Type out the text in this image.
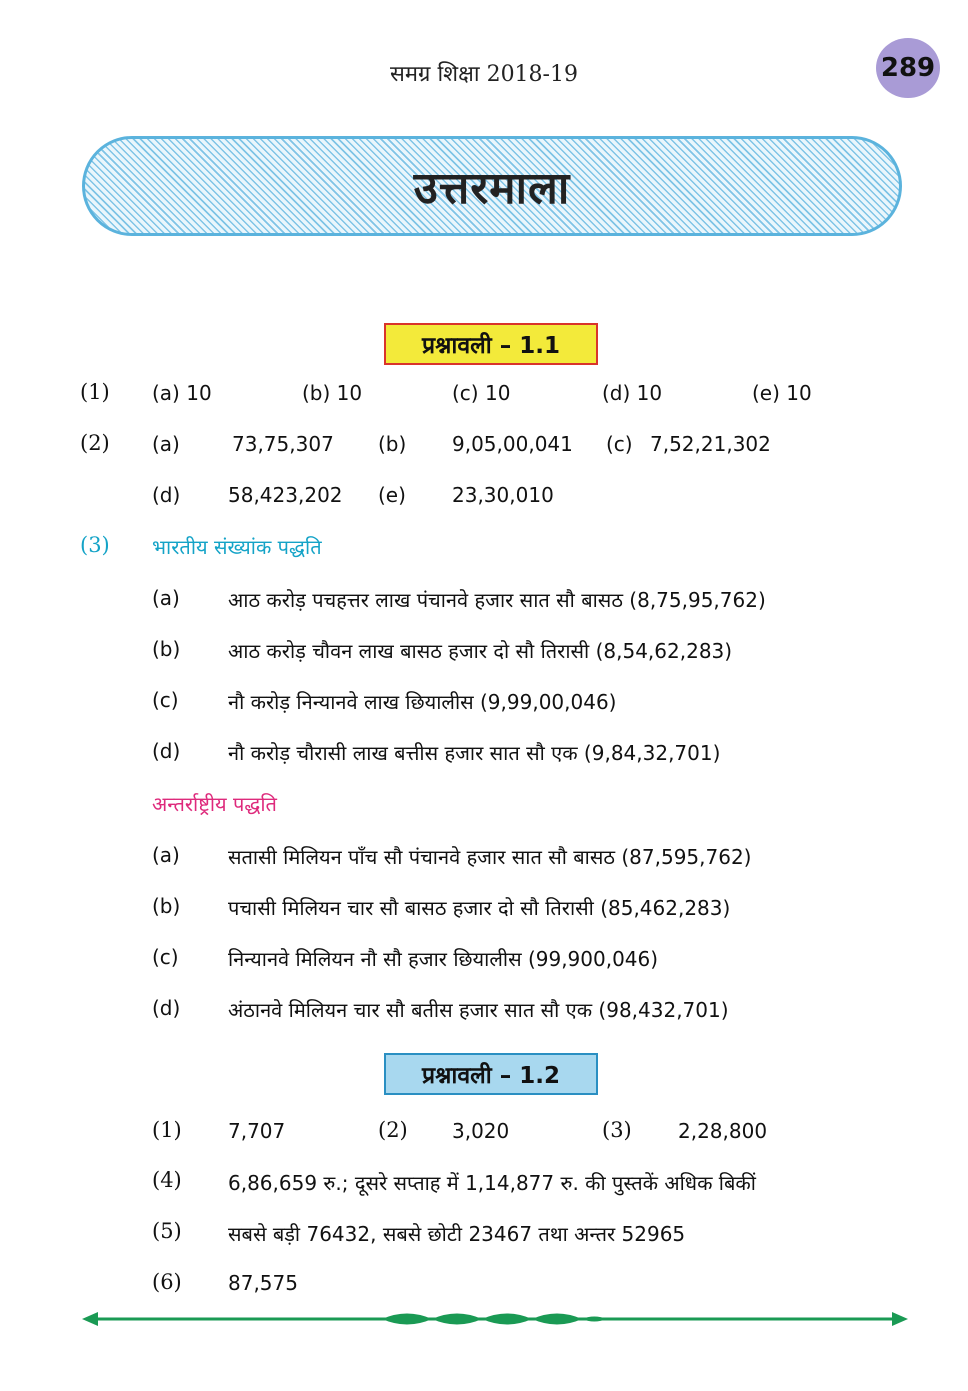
समग्र शिक्षा 2018-19	289
उत्तरमाला
प्रश्नावली – 1.1
(1) (a) 10	(b) 10	(c) 10	(d) 10	(e) 10
(2) (a)	73,75,307 (b) 9,05,00,041 (c) 7,52,21,302
(d) 58,423,202 (e) 23,30,010
(3) भारतीय संख्यांक पद्धति
(a) आठ करोड़ पचहत्तर लाख पंचानवे हजार सात सौ बासठ (8,75,95,762)
(b) आठ करोड़ चौवन लाख बासठ हजार दो सौ तिरासी (8,54,62,283)
(c) नौ करोड़ निन्यानवे लाख छियालीस (9,99,00,046)
(d) नौ करोड़ चौरासी लाख बत्तीस हजार सात सौ एक (9,84,32,701)
अन्तर्राष्ट्रीय पद्धति
(a) सतासी मिलियन पाँच सौ पंचानवे हजार सात सौ बासठ (87,595,762)
(b) पचासी मिलियन चार सौ बासठ हजार दो सौ तिरासी (85,462,283)
(c) निन्यानवे मिलियन नौ सौ हजार छियालीस (99,900,046)
(d) अंठानवे मिलियन चार सौ बतीस हजार सात सौ एक (98,432,701)
प्रश्नावली – 1.2
(1) 7,707	(2) 3,020	(3) 2,28,800
(4) 6,86,659 रु.; दूसरे सप्ताह में 1,14,877 रु. की पुस्तकें अधिक बिकीं
(5) सबसे बड़ी 76432, सबसे छोटी 23467 तथा अन्तर 52965
(6) 87,575
